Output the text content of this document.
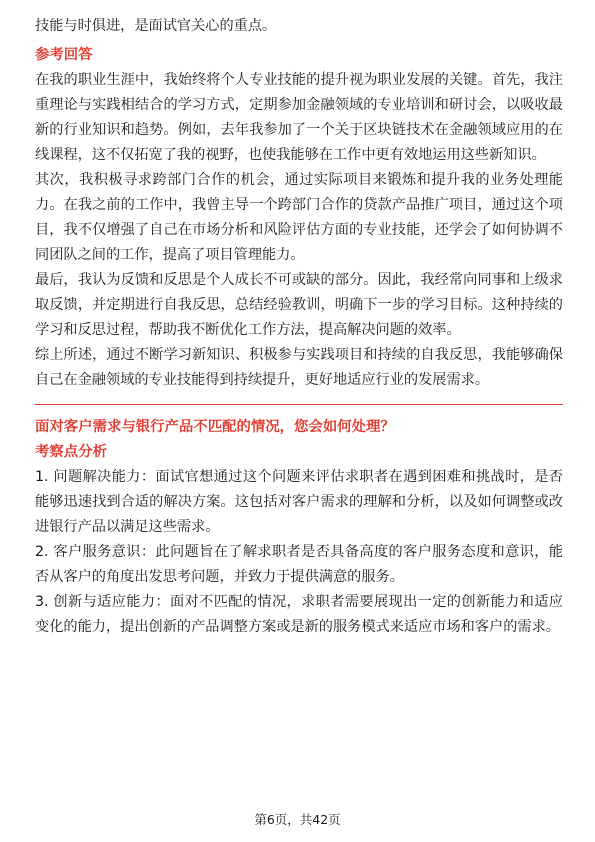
技能与时俱进，是面试官关心的重点。

参考回答

在我的职业生涯中，我始终将个人专业技能的提升视为职业发展的关键。首先，我注重理论与实践相结合的学习方式，定期参加金融领域的专业培训和研讨会，以吸收最新的行业知识和趋势。例如，去年我参加了一个关于区块链技术在金融领域应用的在线课程，这不仅拓宽了我的视野，也使我能够在工作中更有效地运用这些新知识。

其次，我积极寻求跨部门合作的机会，通过实际项目来锻炼和提升我的业务处理能力。在我之前的工作中，我曾主导一个跨部门合作的贷款产品推广项目，通过这个项目，我不仅增强了自己在市场分析和风险评估方面的专业技能，还学会了如何协调不同团队之间的工作，提高了项目管理能力。

最后，我认为反馈和反思是个人成长不可或缺的部分。因此，我经常向同事和上级求取反馈，并定期进行自我反思，总结经验教训，明确下一步的学习目标。这种持续的学习和反思过程，帮助我不断优化工作方法，提高解决问题的效率。

综上所述，通过不断学习新知识、积极参与实践项目和持续的自我反思，我能够确保自己在金融领域的专业技能得到持续提升，更好地适应行业的发展需求。

面对客户需求与银行产品不匹配的情况，您会如何处理？

考察点分析

1. 问题解决能力：面试官想通过这个问题来评估求职者在遇到困难和挑战时，是否能够迅速找到合适的解决方案。这包括对客户需求的理解和分析，以及如何调整或改进银行产品以满足这些需求。

2. 客户服务意识：此问题旨在了解求职者是否具备高度的客户服务态度和意识，能否从客户的角度出发思考问题，并致力于提供满意的服务。

3. 创新与适应能力：面对不匹配的情况，求职者需要展现出一定的创新能力和适应变化的能力，提出创新的产品调整方案或是新的服务模式来适应市场和客户的需求。

第6页，共42页
